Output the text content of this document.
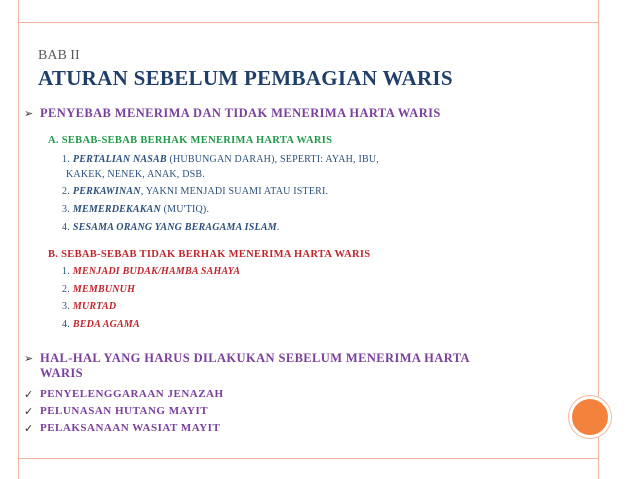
BAB II
ATURAN SEBELUM PEMBAGIAN WARIS
➢ PENYEBAB MENERIMA DAN TIDAK MENERIMA HARTA WARIS
A. SEBAB-SEBAB BERHAK MENERIMA HARTA WARIS
1. PERTALIAN NASAB (HUBUNGAN DARAH), SEPERTI: AYAH, IBU,
KAKEK, NENEK, ANAK, DSB.
2. PERKAWINAN, YAKNI MENJADI SUAMI ATAU ISTERI.
3. MEMERDEKAKAN (MU'TIQ).
4. SESAMA ORANG YANG BERAGAMA ISLAM.
B. SEBAB-SEBAB TIDAK BERHAK MENERIMA HARTA WARIS
1. MENJADI BUDAK/HAMBA SAHAYA
2. MEMBUNUH
3. MURTAD
4. BEDA AGAMA
➢ HAL-HAL YANG HARUS DILAKUKAN SEBELUM MENERIMA HARTA
WARIS
✓ PENYELENGGARAAN JENAZAH
✓ PELUNASAN HUTANG MAYIT
✓ PELAKSANAAN WASIAT MAYIT
